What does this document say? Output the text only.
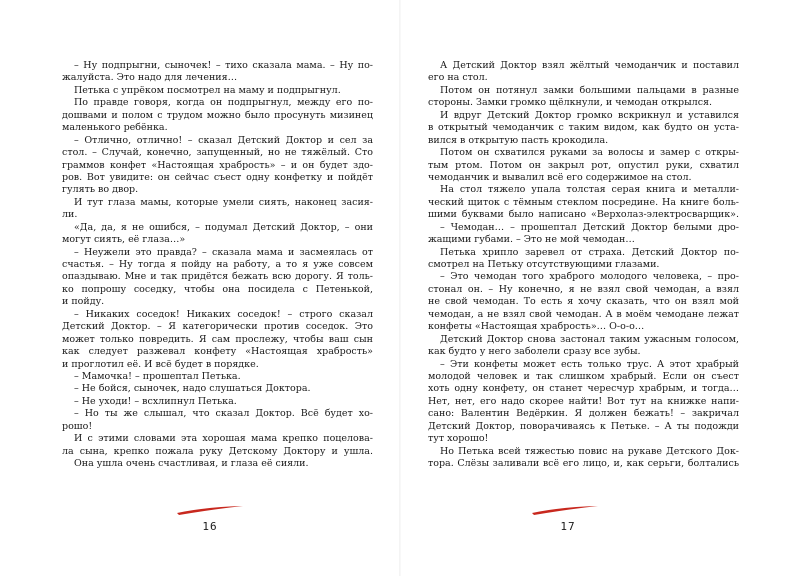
– Ну подпрыгни, сыночек! – тихо сказала мама. – Ну по-
жалуйста. Это надо для лечения…
Петька с упрёком посмотрел на маму и подпрыгнул.
По правде говоря, когда он подпрыгнул, между его по-
дошвами и полом с трудом можно было просунуть мизинец
маленького ребёнка.
– Отлично, отлично! – сказал Детский Доктор и сел за
стол. – Случай, конечно, запущенный, но не тяжёлый. Сто
граммов конфет «Настоящая храбрость» – и он будет здо-
ров. Вот увидите: он сейчас съест одну конфетку и пойдёт
гулять во двор.
И тут глаза мамы, которые умели сиять, наконец засия-
ли.
«Да, да, я не ошибся, – подумал Детский Доктор, – они
могут сиять, её глаза…»
– Неужели это правда? – сказала мама и засмеялась от
счастья. – Ну тогда я пойду на работу, а то я уже совсем
опаздываю. Мне и так придётся бежать всю дорогу. Я толь-
ко попрошу соседку, чтобы она посидела с Петенькой,
и пойду.
– Никаких соседок! Никаких соседок! – строго сказал
Детский Доктор. – Я категорически против соседок. Это
может только повредить. Я сам прослежу, чтобы ваш сын
как следует разжевал конфету «Настоящая храбрость»
и проглотил её. И всё будет в порядке.
– Мамочка! – прошептал Петька.
– Не бойся, сыночек, надо слушаться Доктора.
– Не уходи! – всхлипнул Петька.
– Но ты же слышал, что сказал Доктор. Всё будет хо-
рошо!
И с этими словами эта хорошая мама крепко поцелова-
ла сына, крепко пожала руку Детскому Доктору и ушла.
Она ушла очень счастливая, и глаза её сияли.
А Детский Доктор взял жёлтый чемоданчик и поставил
его на стол.
Потом он потянул замки большими пальцами в разные
стороны. Замки громко щёлкнули, и чемодан открылся.
И вдруг Детский Доктор громко вскрикнул и уставился
в открытый чемоданчик с таким видом, как будто он уста-
вился в открытую пасть крокодила.
Потом он схватился руками за волосы и замер с откры-
тым ртом. Потом он закрыл рот, опустил руки, схватил
чемоданчик и вывалил всё его содержимое на стол.
На стол тяжело упала толстая серая книга и металли-
ческий щиток с тёмным стеклом посредине. На книге боль-
шими буквами было написано «Верхолаз-электросварщик».
– Чемодан… – прошептал Детский Доктор белыми дро-
жащими губами. – Это не мой чемодан…
Петька хрипло заревел от страха. Детский Доктор по-
смотрел на Петьку отсутствующими глазами.
– Это чемодан того храброго молодого человека, – про-
стонал он. – Ну конечно, я не взял свой чемодан, а взял
не свой чемодан. То есть я хочу сказать, что он взял мой
чемодан, а не взял свой чемодан. А в моём чемодане лежат
конфеты «Настоящая храбрость»… О-о-о…
Детский Доктор снова застонал таким ужасным голосом,
как будто у него заболели сразу все зубы.
– Эти конфеты может есть только трус. А этот храбрый
молодой человек и так слишком храбрый. Если он съест
хоть одну конфету, он станет чересчур храбрым, и тогда…
Нет, нет, его надо скорее найти! Вот тут на книжке напи-
сано: Валентин Ведёркин. Я должен бежать! – закричал
Детский Доктор, поворачиваясь к Петьке. – А ты подожди
тут хорошо!
Но Петька всей тяжестью повис на рукаве Детского Док-
тора. Слёзы заливали всё его лицо, и, как серьги, болтались
16	17
